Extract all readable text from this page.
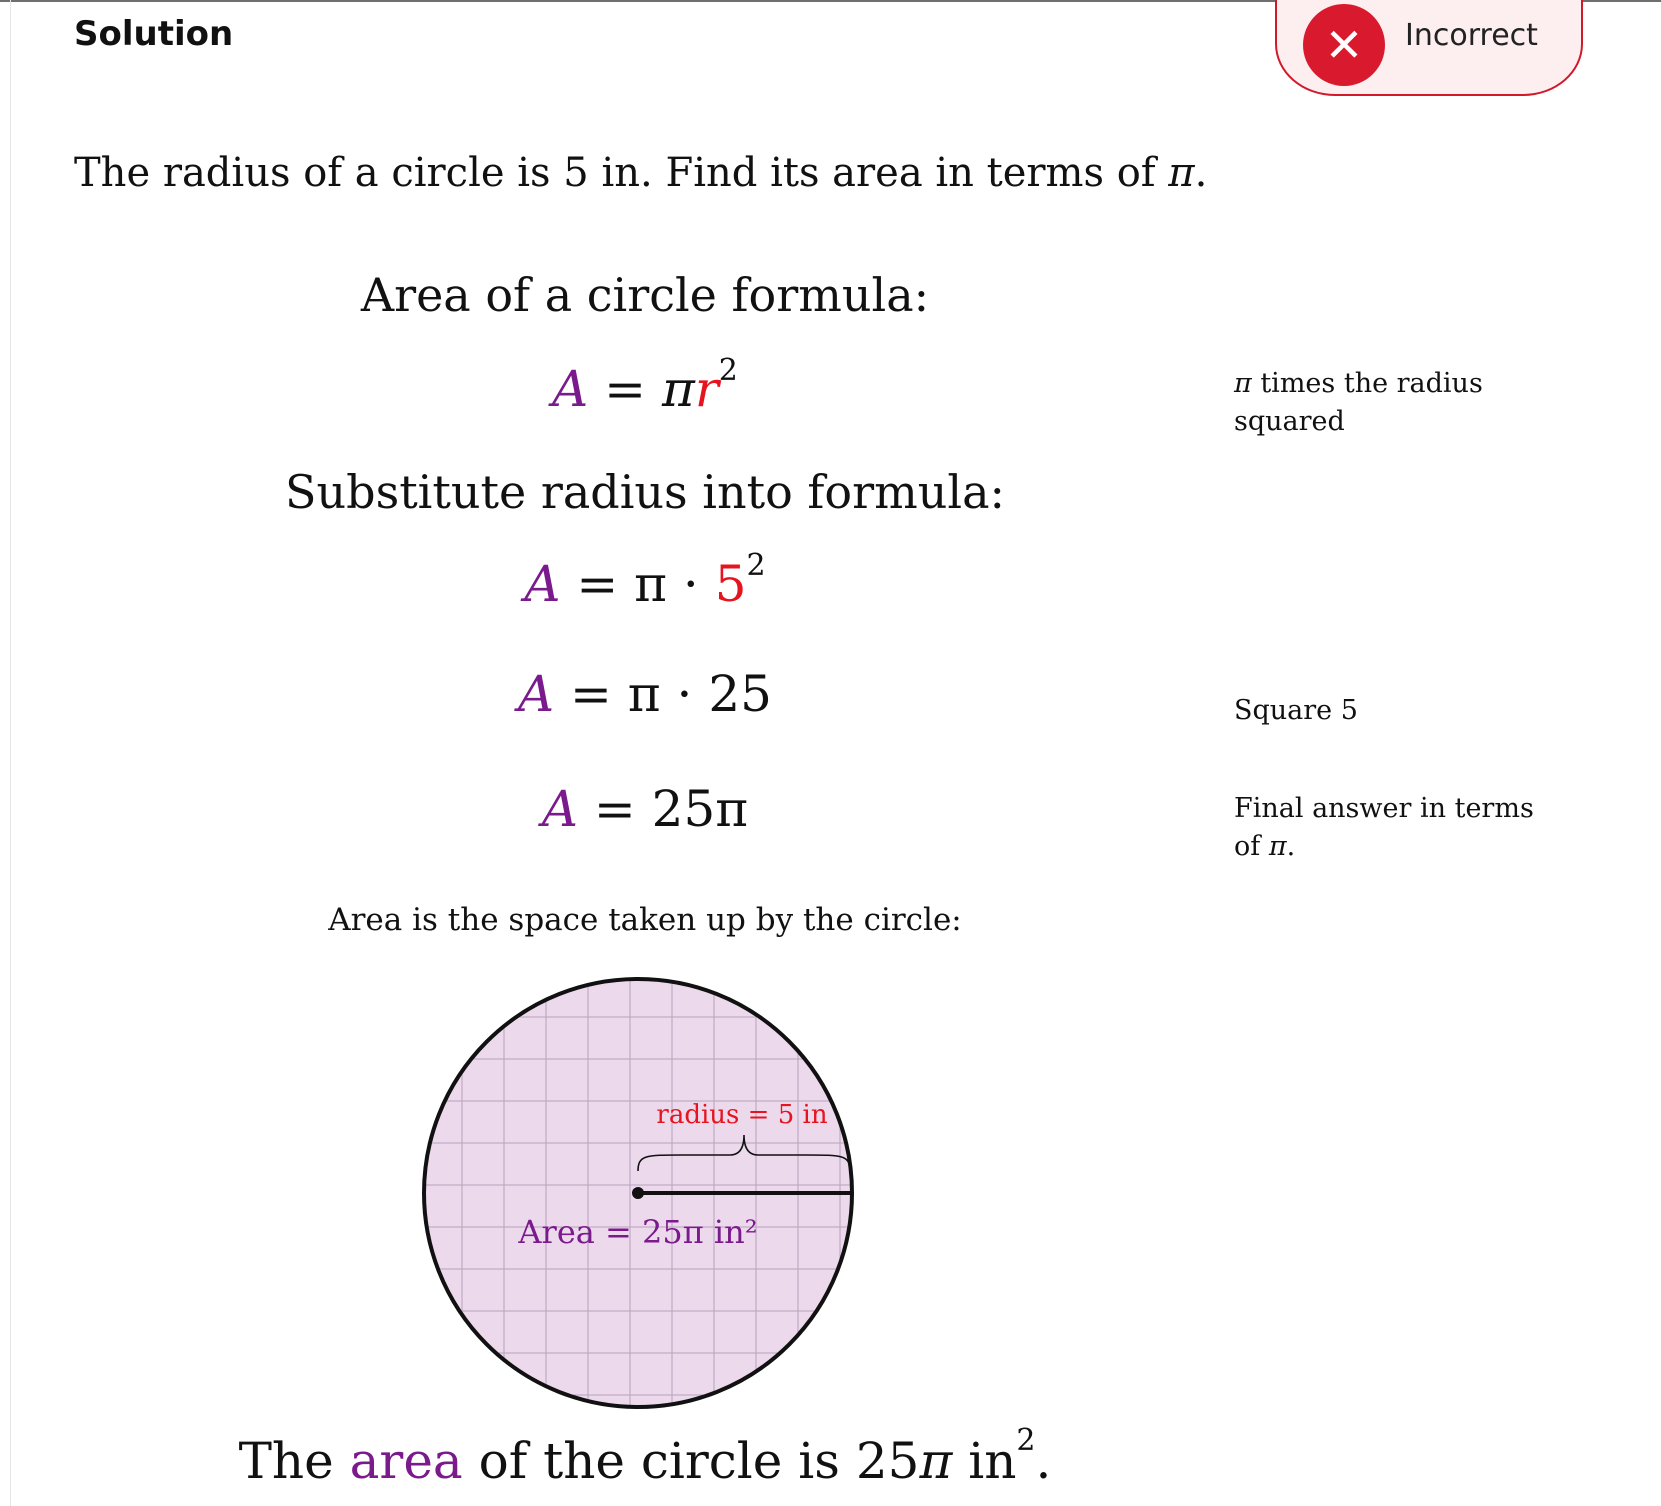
Solution	✕	Incorrect
The radius of a circle is 5 in. Find its area in terms of π.
Area of a circle formula:
$A = \pi r^2$	π times the radius squared
Substitute radius into formula:
$A = \pi \cdot 5^2$
A = π · 25	Square 5
A = 25π	Final answer in terms of π.
Area is the space taken up by the circle:
radius = 5 in
Area = 25π in²
The area of the circle is 25π $in^2$.
